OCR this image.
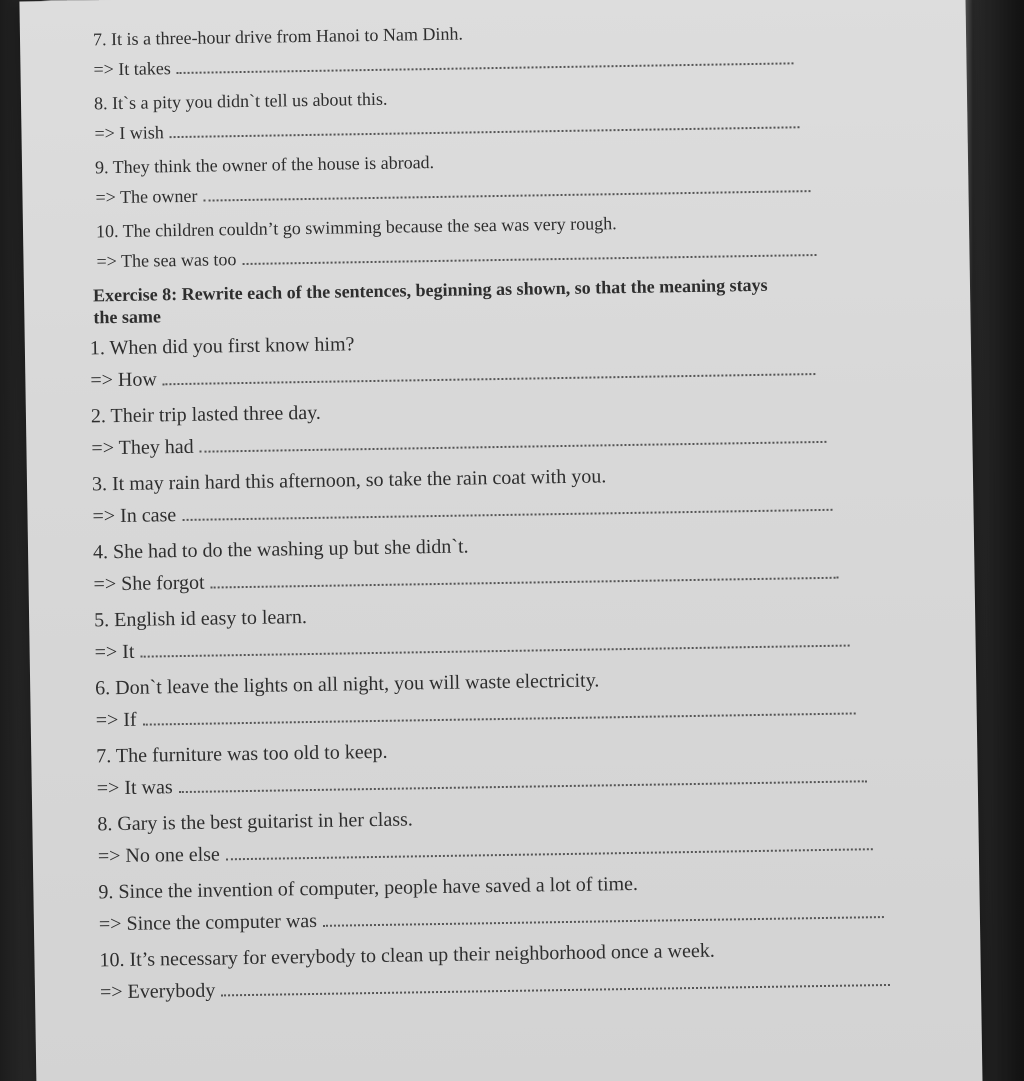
7. It is a three-hour drive from Hanoi to Nam Dinh.
=> It takes
8. It`s a pity you didn`t tell us about this.
=> I wish
9. They think the owner of the house is abroad.
=> The owner
10. The children couldn’t go swimming because the sea was very rough.
=> The sea was too
Exercise 8: Rewrite each of the sentences, beginning as shown, so that the meaning stays the same
1. When did you first know him?
=> How
2. Their trip lasted three day.
=> They had
3. It may rain hard this afternoon, so take the rain coat with you.
=> In case
4. She had to do the washing up but she didn`t.
=> She forgot
5. English id easy to learn.
=> It
6. Don`t leave the lights on all night, you will waste electricity.
=> If
7. The furniture was too old to keep.
=> It was
8. Gary is the best guitarist in her class.
=> No one else
9. Since the invention of computer, people have saved a lot of time.
=> Since the computer was
10. It’s necessary for everybody to clean up their neighborhood once a week.
=> Everybody
